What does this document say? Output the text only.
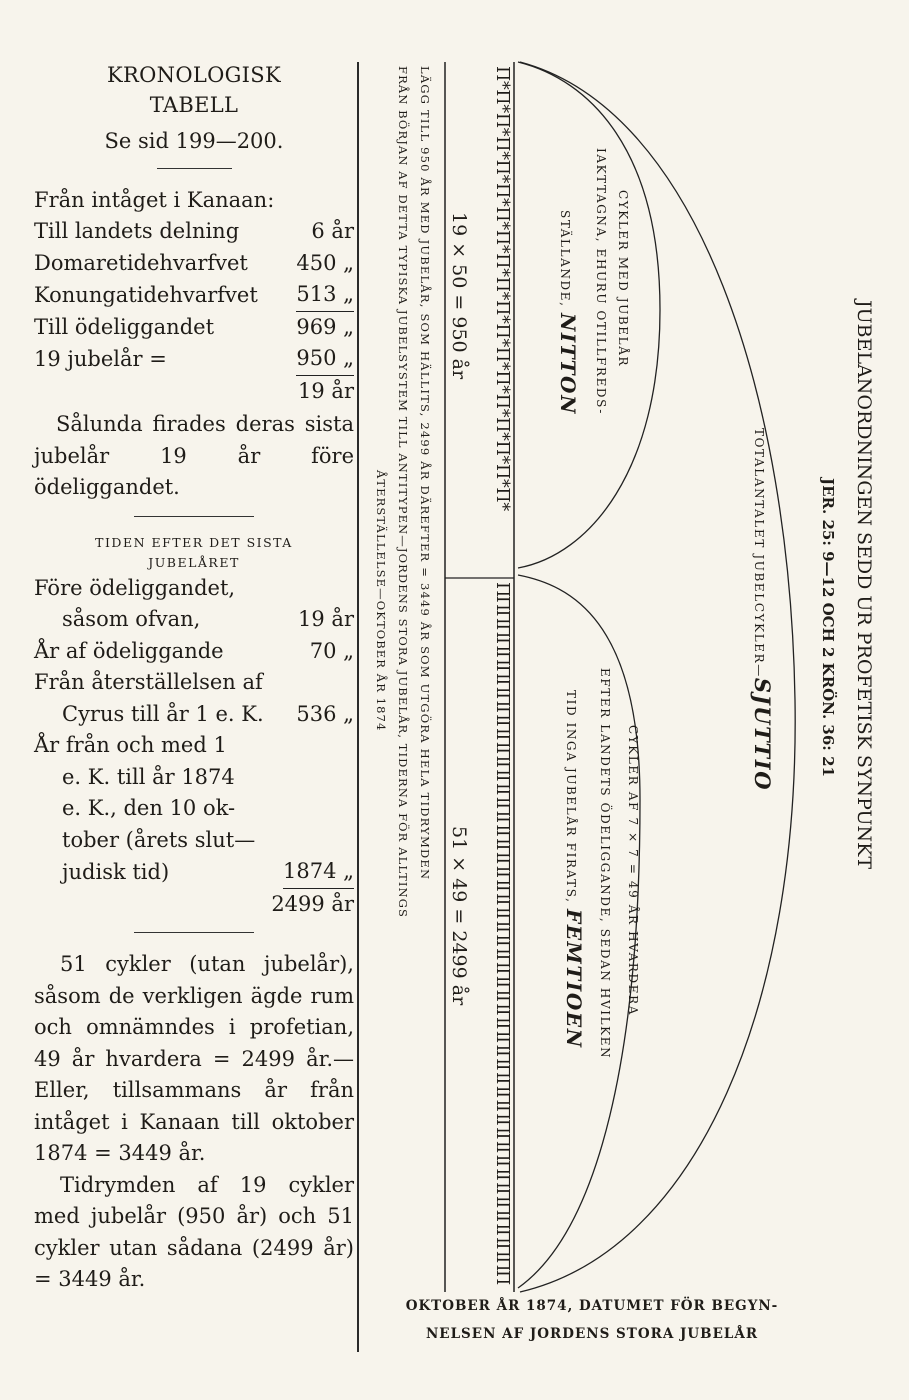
KRONOLOGISK
TABELL
Se sid 199—200.
Från intåget i Kanaan:
Till landets delning	6 år
Domaretidehvarfvet 450 „
Konungatidehvarfvet 513 „
Till ödeliggandet	969 „
19 jubelår =	950 „
19 år
Sålunda firades deras sista jubelår 19 år före ödeliggandet.
TIDEN EFTER DET SISTA
JUBELÅRET
Före ödeliggandet,
såsom ofvan,	19 år
År af ödeliggande	70 „
Från återställelsen af
Cyrus till år 1 e. K. 536 „
År från och med 1
e. K. till år 1874
e. K., den 10 ok-
tober (årets slut—
judisk tid)	1874 „
2499 år
51 cykler (utan jubelår), såsom de verkligen ägde rum och omnämndes i profetian, 49 år hvardera = 2499 år.— Eller, tillsammans år från intåget i Kanaan till oktober 1874 = 3449 år.
Tidrymden af 19 cykler med jubelår (950 år) och 51 cykler utan sådana (2499 år) = 3449 år.
JUBELANORDNINGEN SEDD UR PROFETISK SYNPUNKT
JER. 25: 9—12 OCH 2 KRÖN. 36: 21
TOTALANTALET JUBELCYKLER—SJUTTIO
CYKLER MED JUBELÅR
IAKTTAGNA, EHURU OTILLFREDS-
STÄLLANDE, NITTON
CYKLER AF 7 × 7 = 49 ÅR HVARDERA
EFTER LANDETS ÖDELIGGANDE, SEDAN HVILKEN
TID INGA JUBELÅR FIRATS, FEMTIOEN
Π*Π*Π*Π*Π*Π*Π*Π*Π*Π*Π*Π*Π*Π*Π*Π*Π*Π*Π*
ΠΠΠΠΠΠΠΠΠΠΠΠΠΠΠΠΠΠΠΠΠΠΠΠΠΠΠΠΠΠΠΠΠΠΠΠΠΠΠΠΠΠΠΠΠΠΠΠΠΠΠ
19 × 50 = 950 år
51 × 49 = 2499 år
LÄGG TILL 950 ÅR MED JUBELÅR, SOM HÄLLITS, 2499 ÅR DÄREFTER = 3449 ÅR SOM UTGÖRA HELA TIDRYMDEN
FRÅN BÖRJAN AF DETTA TYPISKA JUBELSYSTEM TILL ANTITYPEN—JORDENS STORA JUBELÅR, TIDERNA FÖR ALLTINGS
ÅTERSTÄLLELSE—OKTOBER ÅR 1874
OKTOBER ÅR 1874, DATUMET FÖR BEGYN-
NELSEN AF JORDENS STORA JUBELÅR
